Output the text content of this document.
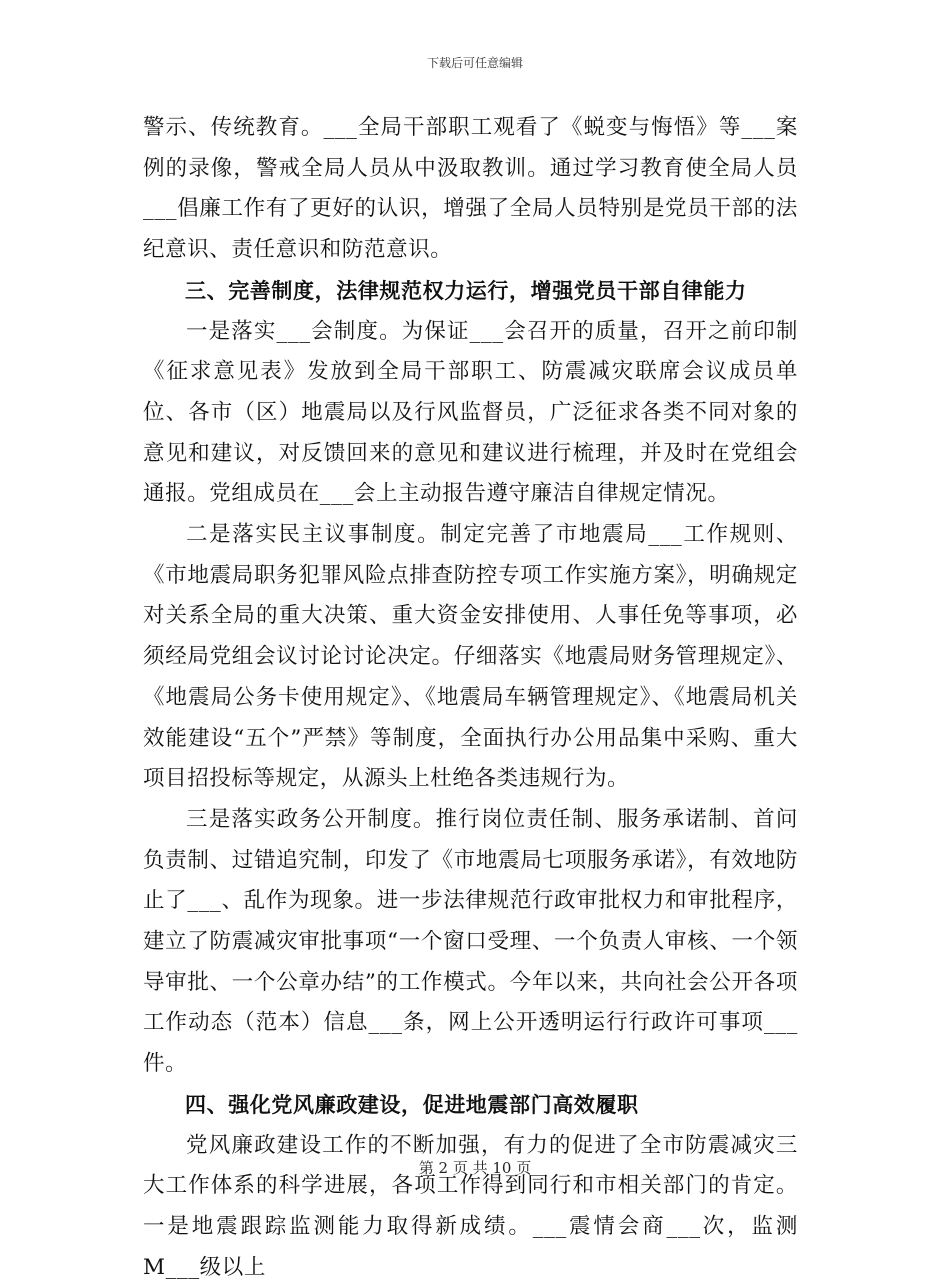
下载后可任意编辑

警示、传统教育。___全局干部职工观看了《蜕变与悔悟》等___案例的录像，警戒全局人员从中汲取教训。通过学习教育使全局人员___倡廉工作有了更好的认识，增强了全局人员特别是党员干部的法纪意识、责任意识和防范意识。

三、完善制度，法律规范权力运行，增强党员干部自律能力

一是落实___会制度。为保证___会召开的质量，召开之前印制《征求意见表》发放到全局干部职工、防震减灾联席会议成员单位、各市（区）地震局以及行风监督员，广泛征求各类不同对象的意见和建议，对反馈回来的意见和建议进行梳理，并及时在党组会通报。党组成员在___会上主动报告遵守廉洁自律规定情况。

二是落实民主议事制度。制定完善了市地震局___工作规则、《市地震局职务犯罪风险点排查防控专项工作实施方案》，明确规定对关系全局的重大决策、重大资金安排使用、人事任免等事项，必须经局党组会议讨论讨论决定。仔细落实《地震局财务管理规定》、《地震局公务卡使用规定》、《地震局车辆管理规定》、《地震局机关效能建设“五个”严禁》等制度，全面执行办公用品集中采购、重大项目招投标等规定，从源头上杜绝各类违规行为。

三是落实政务公开制度。推行岗位责任制、服务承诺制、首问负责制、过错追究制，印发了《市地震局七项服务承诺》，有效地防止了___、乱作为现象。进一步法律规范行政审批权力和审批程序，建立了防震减灾审批事项“一个窗口受理、一个负责人审核、一个领导审批、一个公章办结”的工作模式。今年以来，共向社会公开各项工作动态（范本）信息___条，网上公开透明运行行政许可事项___件。

四、强化党风廉政建设，促进地震部门高效履职

党风廉政建设工作的不断加强，有力的促进了全市防震减灾三大工作体系的科学进展，各项工作得到同行和市相关部门的肯定。一是地震跟踪监测能力取得新成绩。___震情会商___次，监测M___级以上

第 2 页 共 10 页
